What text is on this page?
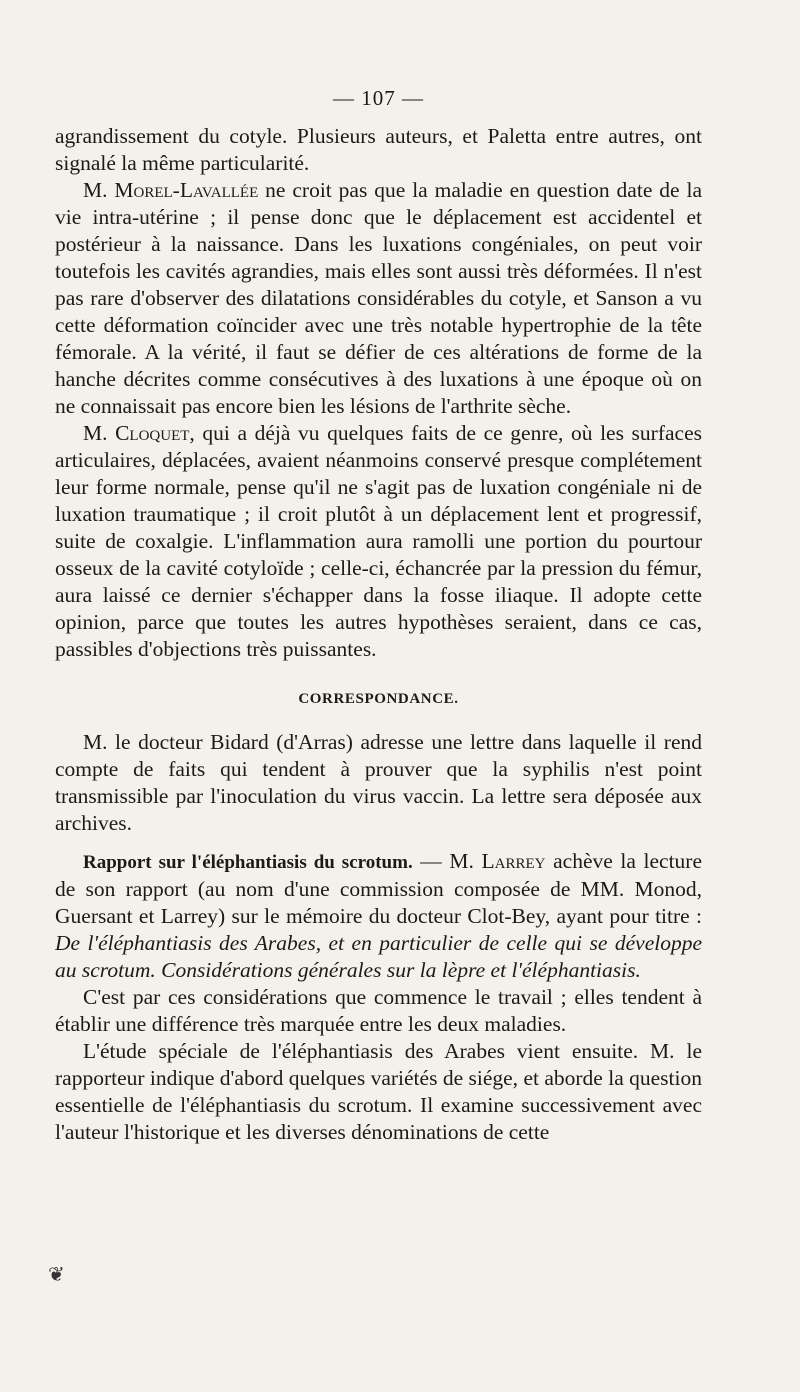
— 107 —

agrandissement du cotyle. Plusieurs auteurs, et Paletta entre autres, ont signalé la même particularité.

M. Morel-Lavallée ne croit pas que la maladie en question date de la vie intra-utérine ; il pense donc que le déplacement est accidentel et postérieur à la naissance. Dans les luxations congéniales, on peut voir toutefois les cavités agrandies, mais elles sont aussi très déformées. Il n'est pas rare d'observer des dilatations considérables du cotyle, et Sanson a vu cette déformation coïncider avec une très notable hypertrophie de la tête fémorale. A la vérité, il faut se défier de ces altérations de forme de la hanche décrites comme consécutives à des luxations à une époque où on ne connaissait pas encore bien les lésions de l'arthrite sèche.

M. Cloquet, qui a déjà vu quelques faits de ce genre, où les surfaces articulaires, déplacées, avaient néanmoins conservé presque complétement leur forme normale, pense qu'il ne s'agit pas de luxation congéniale ni de luxation traumatique ; il croit plutôt à un déplacement lent et progressif, suite de coxalgie. L'inflammation aura ramolli une portion du pourtour osseux de la cavité cotyloïde ; celle-ci, échancrée par la pression du fémur, aura laissé ce dernier s'échapper dans la fosse iliaque. Il adopte cette opinion, parce que toutes les autres hypothèses seraient, dans ce cas, passibles d'objections très puissantes.

CORRESPONDANCE.

M. le docteur Bidard (d'Arras) adresse une lettre dans laquelle il rend compte de faits qui tendent à prouver que la syphilis n'est point transmissible par l'inoculation du virus vaccin. La lettre sera déposée aux archives.

Rapport sur l'éléphantiasis du scrotum. — M. Larrey achève la lecture de son rapport (au nom d'une commission composée de MM. Monod, Guersant et Larrey) sur le mémoire du docteur Clot-Bey, ayant pour titre : De l'éléphantiasis des Arabes, et en particulier de celle qui se développe au scrotum. Considérations générales sur la lèpre et l'éléphantiasis.

C'est par ces considérations que commence le travail ; elles tendent à établir une différence très marquée entre les deux maladies.

L'étude spéciale de l'éléphantiasis des Arabes vient ensuite. M. le rapporteur indique d'abord quelques variétés de siége, et aborde la question essentielle de l'éléphantiasis du scrotum. Il examine successivement avec l'auteur l'historique et les diverses dénominations de cette

❦
